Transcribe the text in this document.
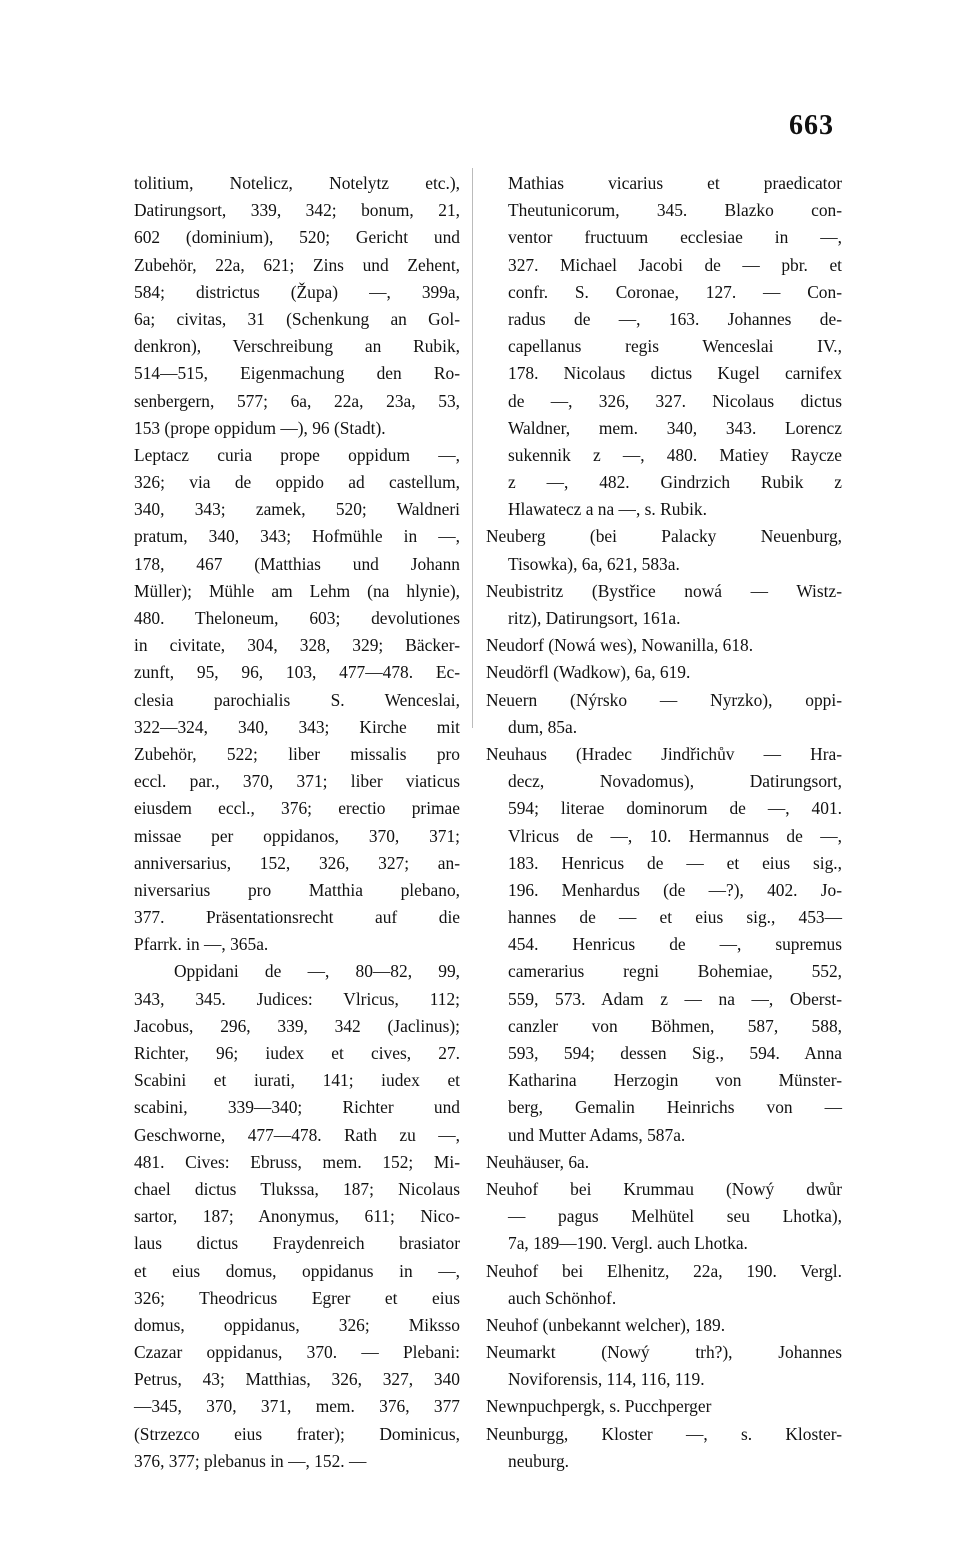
663
tolitium, Notelicz, Notelytz etc.),
Datirungsort, 339, 342; bonum, 21,
602 (dominium), 520; Gericht und
Zubehör, 22a, 621; Zins und Zehent,
584; districtus (Župa) —, 399a,
6a; civitas, 31 (Schenkung an Gol-
denkron), Verschreibung an Rubik,
514—515, Eigenmachung den Ro-
senbergern, 577; 6a, 22a, 23a, 53,
153 (prope oppidum —), 96 (Stadt).
Leptacz curia prope oppidum —,
326; via de oppido ad castellum,
340, 343; zamek, 520; Waldneri
pratum, 340, 343; Hofmühle in —,
178, 467 (Matthias und Johann
Müller); Mühle am Lehm (na hlynie),
480. Theloneum, 603; devolutiones
in civitate, 304, 328, 329; Bäcker-
zunft, 95, 96, 103, 477—478. Ec-
clesia parochialis S. Wenceslai,
322—324, 340, 343; Kirche mit
Zubehör, 522; liber missalis pro
eccl. par., 370, 371; liber viaticus
eiusdem eccl., 376; erectio primae
missae per oppidanos, 370, 371;
anniversarius, 152, 326, 327; an-
niversarius pro Matthia plebano,
377. Präsentationsrecht auf die
Pfarrk. in —, 365a.
Oppidani de —, 80—82, 99,
343, 345. Judices: Vlricus, 112;
Jacobus, 296, 339, 342 (Jaclinus);
Richter, 96; iudex et cives, 27.
Scabini et iurati, 141; iudex et
scabini, 339—340; Richter und
Geschworne, 477—478. Rath zu —,
481. Cives: Ebruss, mem. 152; Mi-
chael dictus Tlukssa, 187; Nicolaus
sartor, 187; Anonymus, 611; Nico-
laus dictus Fraydenreich brasiator
et eius domus, oppidanus in —,
326; Theodricus Egrer et eius
domus, oppidanus, 326; Miksso
Czazar oppidanus, 370. — Plebani:
Petrus, 43; Matthias, 326, 327, 340
—345, 370, 371, mem. 376, 377
(Strzezco eius frater); Dominicus,
376, 377; plebanus in —, 152. —
Mathias vicarius et praedicator
Theutunicorum, 345. Blazko con-
ventor fructuum ecclesiae in —,
327. Michael Jacobi de — pbr. et
confr. S. Coronae, 127. — Con-
radus de —, 163. Johannes de-
capellanus regis Wenceslai IV.,
178. Nicolaus dictus Kugel carnifex
de —, 326, 327. Nicolaus dictus
Waldner, mem. 340, 343. Lorencz
sukennik z —, 480. Matiey Raycze
z —, 482. Gindrzich Rubik z
Hlawatecz a na —, s. Rubik.
Neuberg (bei Palacky Neuenburg,
Tisowka), 6a, 621, 583a.
Neubistritz (Bystřice nowá — Wistz-
ritz), Datirungsort, 161a.
Neudorf (Nowá wes), Nowanilla, 618.
Neudörfl (Wadkow), 6a, 619.
Neuern (Nýrsko — Nyrzko), oppi-
dum, 85a.
Neuhaus (Hradec Jindřichův — Hra-
decz, Novadomus), Datirungsort,
594; literae dominorum de —, 401.
Vlricus de —, 10. Hermannus de —,
183. Henricus de — et eius sig.,
196. Menhardus (de —?), 402. Jo-
hannes de — et eius sig., 453—
454. Henricus de —, supremus
camerarius regni Bohemiae, 552,
559, 573. Adam z — na —, Oberst-
canzler von Böhmen, 587, 588,
593, 594; dessen Sig., 594. Anna
Katharina Herzogin von Münster-
berg, Gemalin Heinrichs von —
und Mutter Adams, 587a.
Neuhäuser, 6a.
Neuhof bei Krummau (Nowý dwůr
— pagus Melhütel seu Lhotka),
7a, 189—190. Vergl. auch Lhotka.
Neuhof bei Elhenitz, 22a, 190. Vergl.
auch Schönhof.
Neuhof (unbekannt welcher), 189.
Neumarkt (Nowý trh?), Johannes
Noviforensis, 114, 116, 119.
Newnpuchpergk, s. Pucchperger
Neunburgg, Kloster —, s. Kloster-
neuburg.
